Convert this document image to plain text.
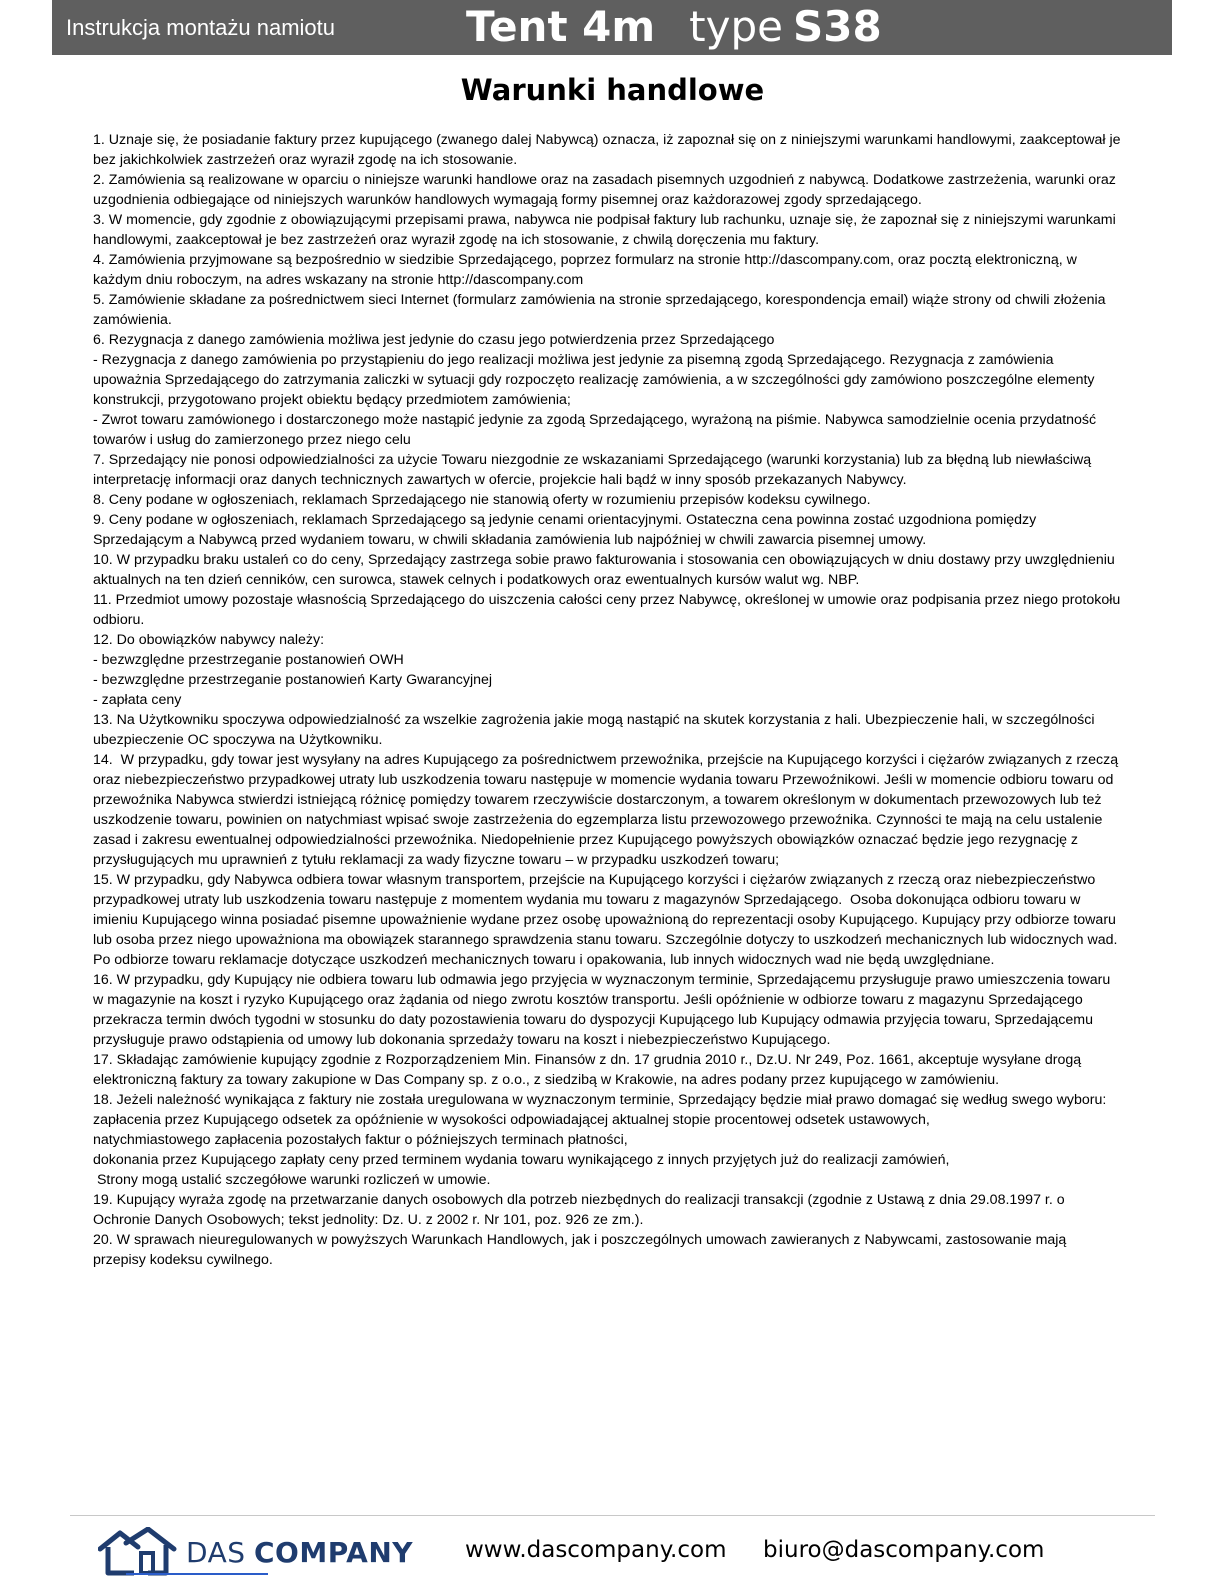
Instrukcja montażu namiotu	Tent 4m type S38
Warunki handlowe

1. Uznaje się, że posiadanie faktury przez kupującego (zwanego dalej Nabywcą) oznacza, iż zapoznał się on z niniejszymi warunkami handlowymi, zaakceptował je bez jakichkolwiek zastrzeżeń oraz wyraził zgodę na ich stosowanie.

2. Zamówienia są realizowane w oparciu o niniejsze warunki handlowe oraz na zasadach pisemnych uzgodnień z nabywcą. Dodatkowe zastrzeżenia, warunki oraz uzgodnienia odbiegające od niniejszych warunków handlowych wymagają formy pisemnej oraz każdorazowej zgody sprzedającego.

3. W momencie, gdy zgodnie z obowiązującymi przepisami prawa, nabywca nie podpisał faktury lub rachunku, uznaje się, że zapoznał się z niniejszymi warunkami handlowymi, zaakceptował je bez zastrzeżeń oraz wyraził zgodę na ich stosowanie, z chwilą doręczenia mu faktury.

4. Zamówienia przyjmowane są bezpośrednio w siedzibie Sprzedającego, poprzez formularz na stronie http://dascompany.com, oraz pocztą elektroniczną, w każdym dniu roboczym, na adres wskazany na stronie http://dascompany.com

5. Zamówienie składane za pośrednictwem sieci Internet (formularz zamówienia na stronie sprzedającego, korespondencja email) wiąże strony od chwili złożenia zamówienia.

6. Rezygnacja z danego zamówienia możliwa jest jedynie do czasu jego potwierdzenia przez Sprzedającego

- Rezygnacja z danego zamówienia po przystąpieniu do jego realizacji możliwa jest jedynie za pisemną zgodą Sprzedającego. Rezygnacja z zamówienia upoważnia Sprzedającego do zatrzymania zaliczki w sytuacji gdy rozpoczęto realizację zamówienia, a w szczególności gdy zamówiono poszczególne elementy konstrukcji, przygotowano projekt obiektu będący przedmiotem zamówienia;

- Zwrot towaru zamówionego i dostarczonego może nastąpić jedynie za zgodą Sprzedającego, wyrażoną na piśmie. Nabywca samodzielnie ocenia przydatność towarów i usług do zamierzonego przez niego celu

7. Sprzedający nie ponosi odpowiedzialności za użycie Towaru niezgodnie ze wskazaniami Sprzedającego (warunki korzystania) lub za błędną lub niewłaściwą interpretację informacji oraz danych technicznych zawartych w ofercie, projekcie hali bądź w inny sposób przekazanych Nabywcy.

8. Ceny podane w ogłoszeniach, reklamach Sprzedającego nie stanowią oferty w rozumieniu przepisów kodeksu cywilnego.

9. Ceny podane w ogłoszeniach, reklamach Sprzedającego są jedynie cenami orientacyjnymi. Ostateczna cena powinna zostać uzgodniona pomiędzy Sprzedającym a Nabywcą przed wydaniem towaru, w chwili składania zamówienia lub najpóźniej w chwili zawarcia pisemnej umowy.

10. W przypadku braku ustaleń co do ceny, Sprzedający zastrzega sobie prawo fakturowania i stosowania cen obowiązujących w dniu dostawy przy uwzględnieniu aktualnych na ten dzień cenników, cen surowca, stawek celnych i podatkowych oraz ewentualnych kursów walut wg. NBP.

11. Przedmiot umowy pozostaje własnością Sprzedającego do uiszczenia całości ceny przez Nabywcę, określonej w umowie oraz podpisania przez niego protokołu odbioru.

12. Do obowiązków nabywcy należy:

- bezwzględne przestrzeganie postanowień OWH

- bezwzględne przestrzeganie postanowień Karty Gwarancyjnej

- zapłata ceny

13. Na Użytkowniku spoczywa odpowiedzialność za wszelkie zagrożenia jakie mogą nastąpić na skutek korzystania z hali. Ubezpieczenie hali, w szczególności ubezpieczenie OC spoczywa na Użytkowniku.

14.  W przypadku, gdy towar jest wysyłany na adres Kupującego za pośrednictwem przewoźnika, przejście na Kupującego korzyści i ciężarów związanych z rzeczą oraz niebezpieczeństwo przypadkowej utraty lub uszkodzenia towaru następuje w momencie wydania towaru Przewoźnikowi. Jeśli w momencie odbioru towaru od przewoźnika Nabywca stwierdzi istniejącą różnicę pomiędzy towarem rzeczywiście dostarczonym, a towarem określonym w dokumentach przewozowych lub też uszkodzenie towaru, powinien on natychmiast wpisać swoje zastrzeżenia do egzemplarza listu przewozowego przewoźnika. Czynności te mają na celu ustalenie zasad i zakresu ewentualnej odpowiedzialności przewoźnika. Niedopełnienie przez Kupującego powyższych obowiązków oznaczać będzie jego rezygnację z przysługujących mu uprawnień z tytułu reklamacji za wady fizyczne towaru – w przypadku uszkodzeń towaru;

15. W przypadku, gdy Nabywca odbiera towar własnym transportem, przejście na Kupującego korzyści i ciężarów związanych z rzeczą oraz niebezpieczeństwo przypadkowej utraty lub uszkodzenia towaru następuje z momentem wydania mu towaru z magazynów Sprzedającego.  Osoba dokonująca odbioru towaru w imieniu Kupującego winna posiadać pisemne upoważnienie wydane przez osobę upoważnioną do reprezentacji osoby Kupującego. Kupujący przy odbiorze towaru lub osoba przez niego upoważniona ma obowiązek starannego sprawdzenia stanu towaru. Szczególnie dotyczy to uszkodzeń mechanicznych lub widocznych wad. Po odbiorze towaru reklamacje dotyczące uszkodzeń mechanicznych towaru i opakowania, lub innych widocznych wad nie będą uwzględniane.

16. W przypadku, gdy Kupujący nie odbiera towaru lub odmawia jego przyjęcia w wyznaczonym terminie, Sprzedającemu przysługuje prawo umieszczenia towaru w magazynie na koszt i ryzyko Kupującego oraz żądania od niego zwrotu kosztów transportu. Jeśli opóźnienie w odbiorze towaru z magazynu Sprzedającego przekracza termin dwóch tygodni w stosunku do daty pozostawienia towaru do dyspozycji Kupującego lub Kupujący odmawia przyjęcia towaru, Sprzedającemu przysługuje prawo odstąpienia od umowy lub dokonania sprzedaży towaru na koszt i niebezpieczeństwo Kupującego.

17. Składając zamówienie kupujący zgodnie z Rozporządzeniem Min. Finansów z dn. 17 grudnia 2010 r., Dz.U. Nr 249, Poz. 1661, akceptuje wysyłane drogą elektroniczną faktury za towary zakupione w Das Company sp. z o.o., z siedzibą w Krakowie, na adres podany przez kupującego w zamówieniu.

18. Jeżeli należność wynikająca z faktury nie została uregulowana w wyznaczonym terminie, Sprzedający będzie miał prawo domagać się według swego wyboru:

zapłacenia przez Kupującego odsetek za opóźnienie w wysokości odpowiadającej aktualnej stopie procentowej odsetek ustawowych,

natychmiastowego zapłacenia pozostałych faktur o późniejszych terminach płatności,

dokonania przez Kupującego zapłaty ceny przed terminem wydania towaru wynikającego z innych przyjętych już do realizacji zamówień,

Strony mogą ustalić szczegółowe warunki rozliczeń w umowie.

19. Kupujący wyraża zgodę na przetwarzanie danych osobowych dla potrzeb niezbędnych do realizacji transakcji (zgodnie z Ustawą z dnia 29.08.1997 r. o Ochronie Danych Osobowych; tekst jednolity: Dz. U. z 2002 r. Nr 101, poz. 926 ze zm.).

20. W sprawach nieuregulowanych w powyższych Warunkach Handlowych, jak i poszczególnych umowach zawieranych z Nabywcami, zastosowanie mają przepisy kodeksu cywilnego.

DAS COMPANY www.dascompany.com biuro@dascompany.com
